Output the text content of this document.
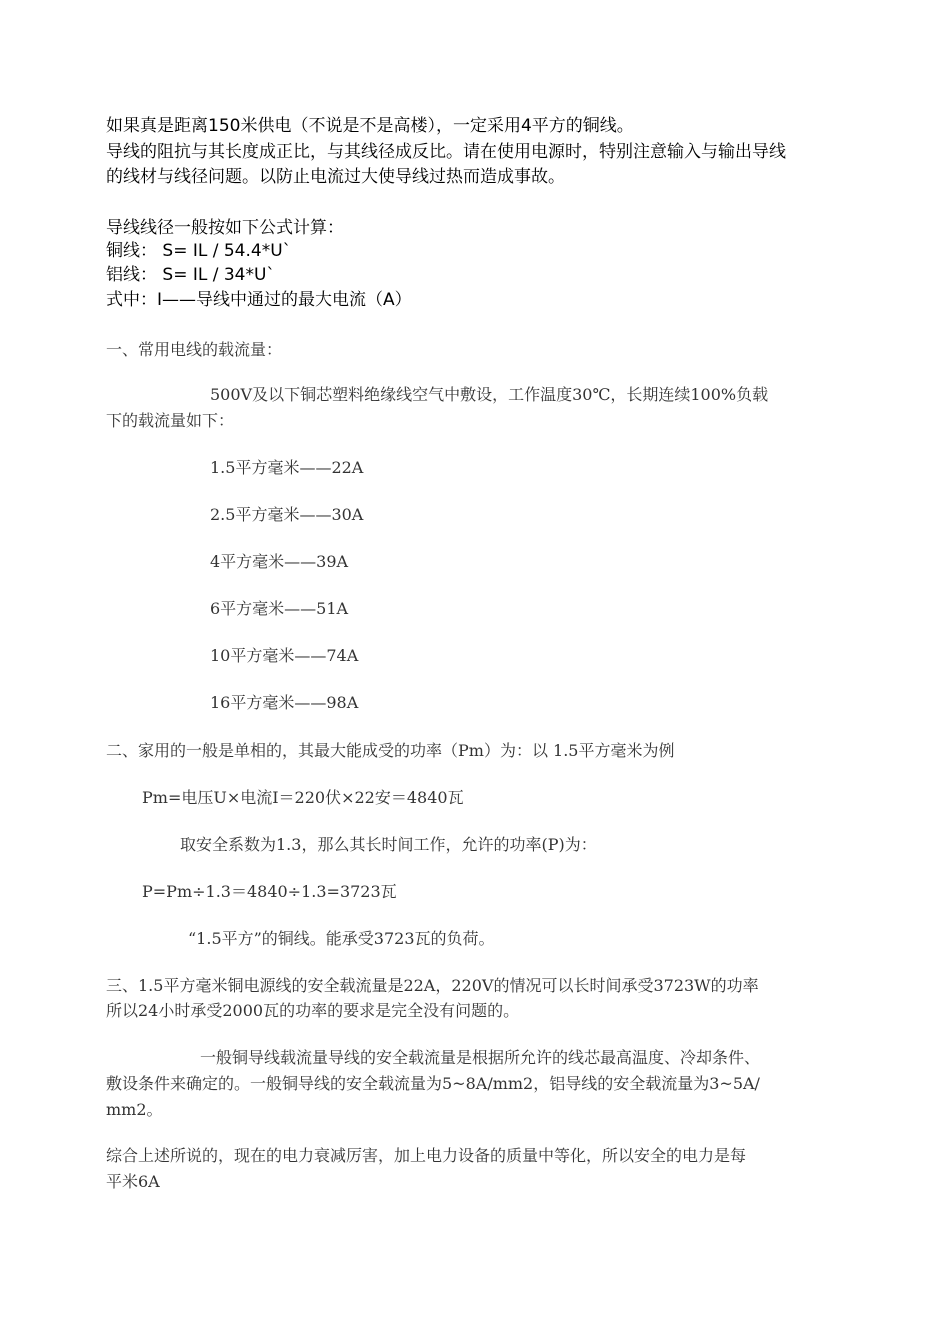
如果真是距离150米供电（不说是不是高楼），一定采用4平方的铜线。
导线的阻抗与其长度成正比，与其线径成反比。请在使用电源时，特别注意输入与输出导线
的线材与线径问题。以防止电流过大使导线过热而造成事故。
导线线径一般按如下公式计算：
铜线： S= IL / 54.4*U`
铝线： S= IL / 34*U`
式中：I——导线中通过的最大电流（A）
一、常用电线的载流量：
500V及以下铜芯塑料绝缘线空气中敷设，工作温度30℃，长期连续100%负载
下的载流量如下：
1.5平方毫米——22A
2.5平方毫米——30A
4平方毫米——39A
6平方毫米——51A
10平方毫米——74A
16平方毫米——98A
二、家用的一般是单相的，其最大能成受的功率（Pm）为：以 1.5平方毫米为例
Pm=电压U×电流I＝220伏×22安＝4840瓦
取安全系数为1.3，那么其长时间工作，允许的功率(P)为：
P=Pm÷1.3＝4840÷1.3=3723瓦
“1.5平方”的铜线。能承受3723瓦的负荷。
三、1.5平方毫米铜电源线的安全载流量是22A，220V的情况可以长时间承受3723W的功率
所以24小时承受2000瓦的功率的要求是完全没有问题的。
一般铜导线载流量导线的安全载流量是根据所允许的线芯最高温度、冷却条件、
敷设条件来确定的。一般铜导线的安全载流量为5~8A/mm2，铝导线的安全载流量为3~5A/
mm2。
综合上述所说的，现在的电力衰减厉害，加上电力设备的质量中等化，所以安全的电力是每
平米6A
